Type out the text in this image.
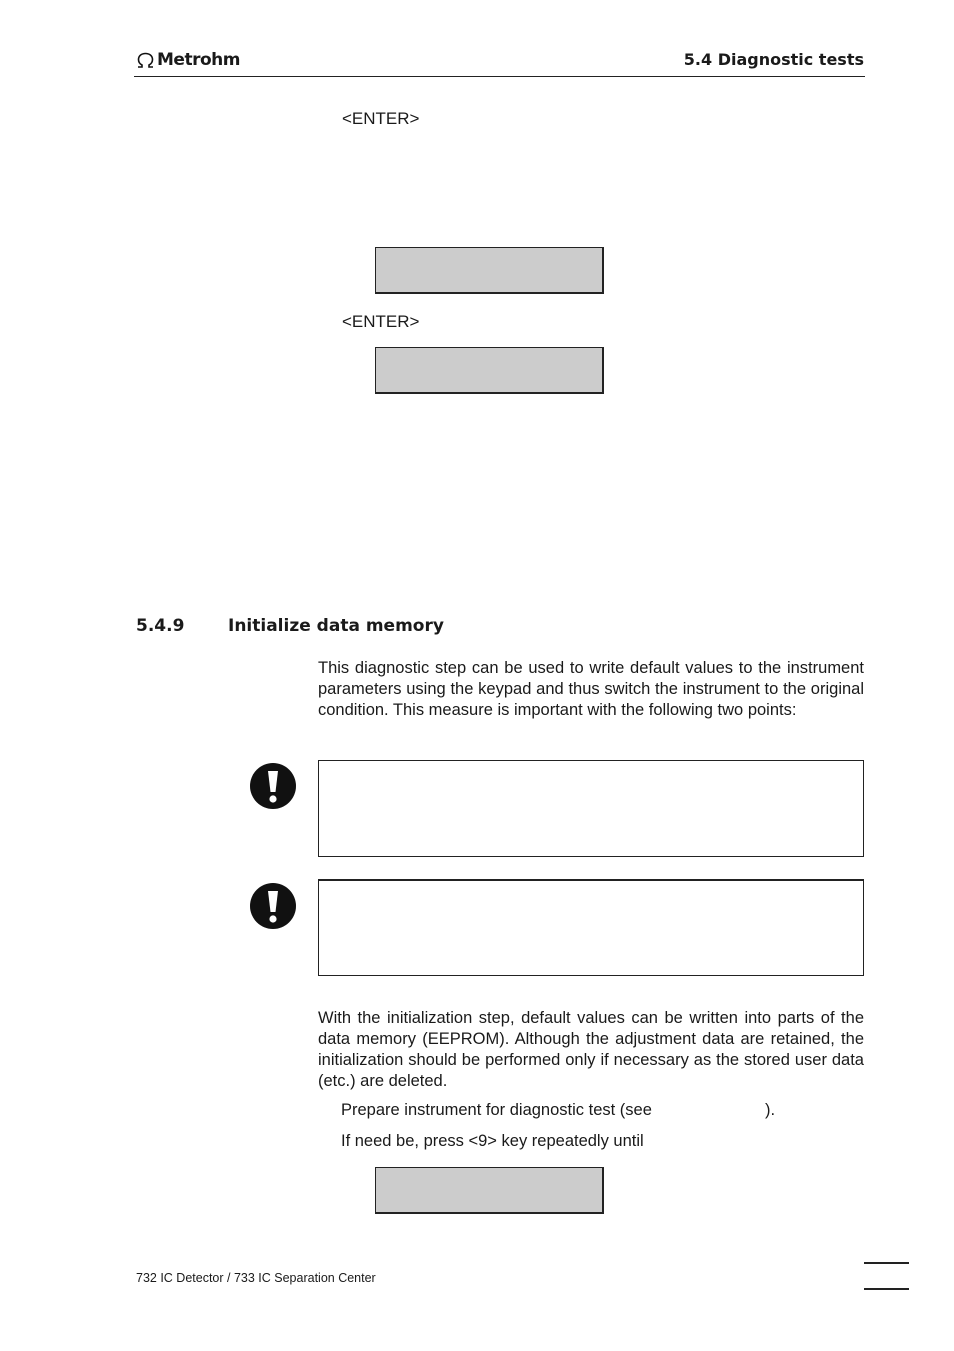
Metrohm	5.4 Diagnostic tests
<ENTER>
<ENTER>
5.4.9	Initialize data memory
This diagnostic step can be used to write default values to the instrument parameters using the keypad and thus switch the instrument to the original condition. This measure is important with the following two points:
With the initialization step, default values can be written into parts of the data memory (EEPROM). Although the adjustment data are retained, the initialization should be performed only if necessary as the stored user data (etc.) are deleted.
Prepare instrument for diagnostic test (see	).
If need be, press <9> key repeatedly until
732 IC Detector / 733 IC Separation Center
